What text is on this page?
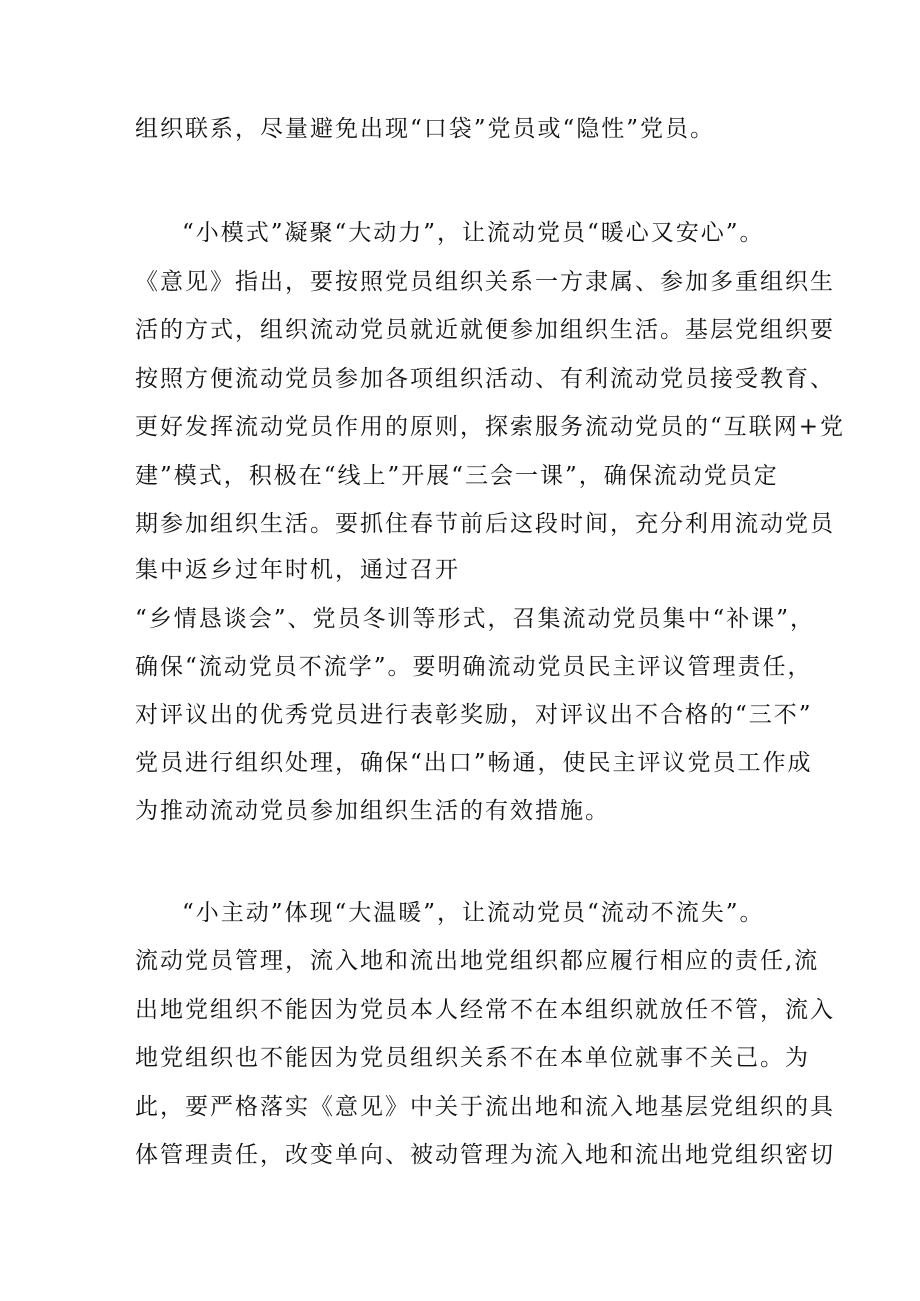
组织联系，尽量避免出现“口袋”党员或“隐性”党员。
“小模式”凝聚“大动力”，让流动党员“暖心又安心”。
《意见》指出，要按照党员组织关系一方隶属、参加多重组织生
活的方式，组织流动党员就近就便参加组织生活。基层党组织要
按照方便流动党员参加各项组织活动、有利流动党员接受教育、
更好发挥流动党员作用的原则，探索服务流动党员的“互联网+党
建”模式，积极在“线上”开展“三会一课”，确保流动党员定
期参加组织生活。要抓住春节前后这段时间，充分利用流动党员
集中返乡过年时机，通过召开
“乡情恳谈会”、党员冬训等形式，召集流动党员集中“补课”，
确保“流动党员不流学”。要明确流动党员民主评议管理责任，
对评议出的优秀党员进行表彰奖励，对评议出不合格的“三不”
党员进行组织处理，确保“出口”畅通，使民主评议党员工作成
为推动流动党员参加组织生活的有效措施。
“小主动”体现“大温暖”，让流动党员“流动不流失”。
流动党员管理，流入地和流出地党组织都应履行相应的责任,流
出地党组织不能因为党员本人经常不在本组织就放任不管，流入
地党组织也不能因为党员组织关系不在本单位就事不关己。为
此，要严格落实《意见》中关于流出地和流入地基层党组织的具
体管理责任，改变单向、被动管理为流入地和流出地党组织密切
